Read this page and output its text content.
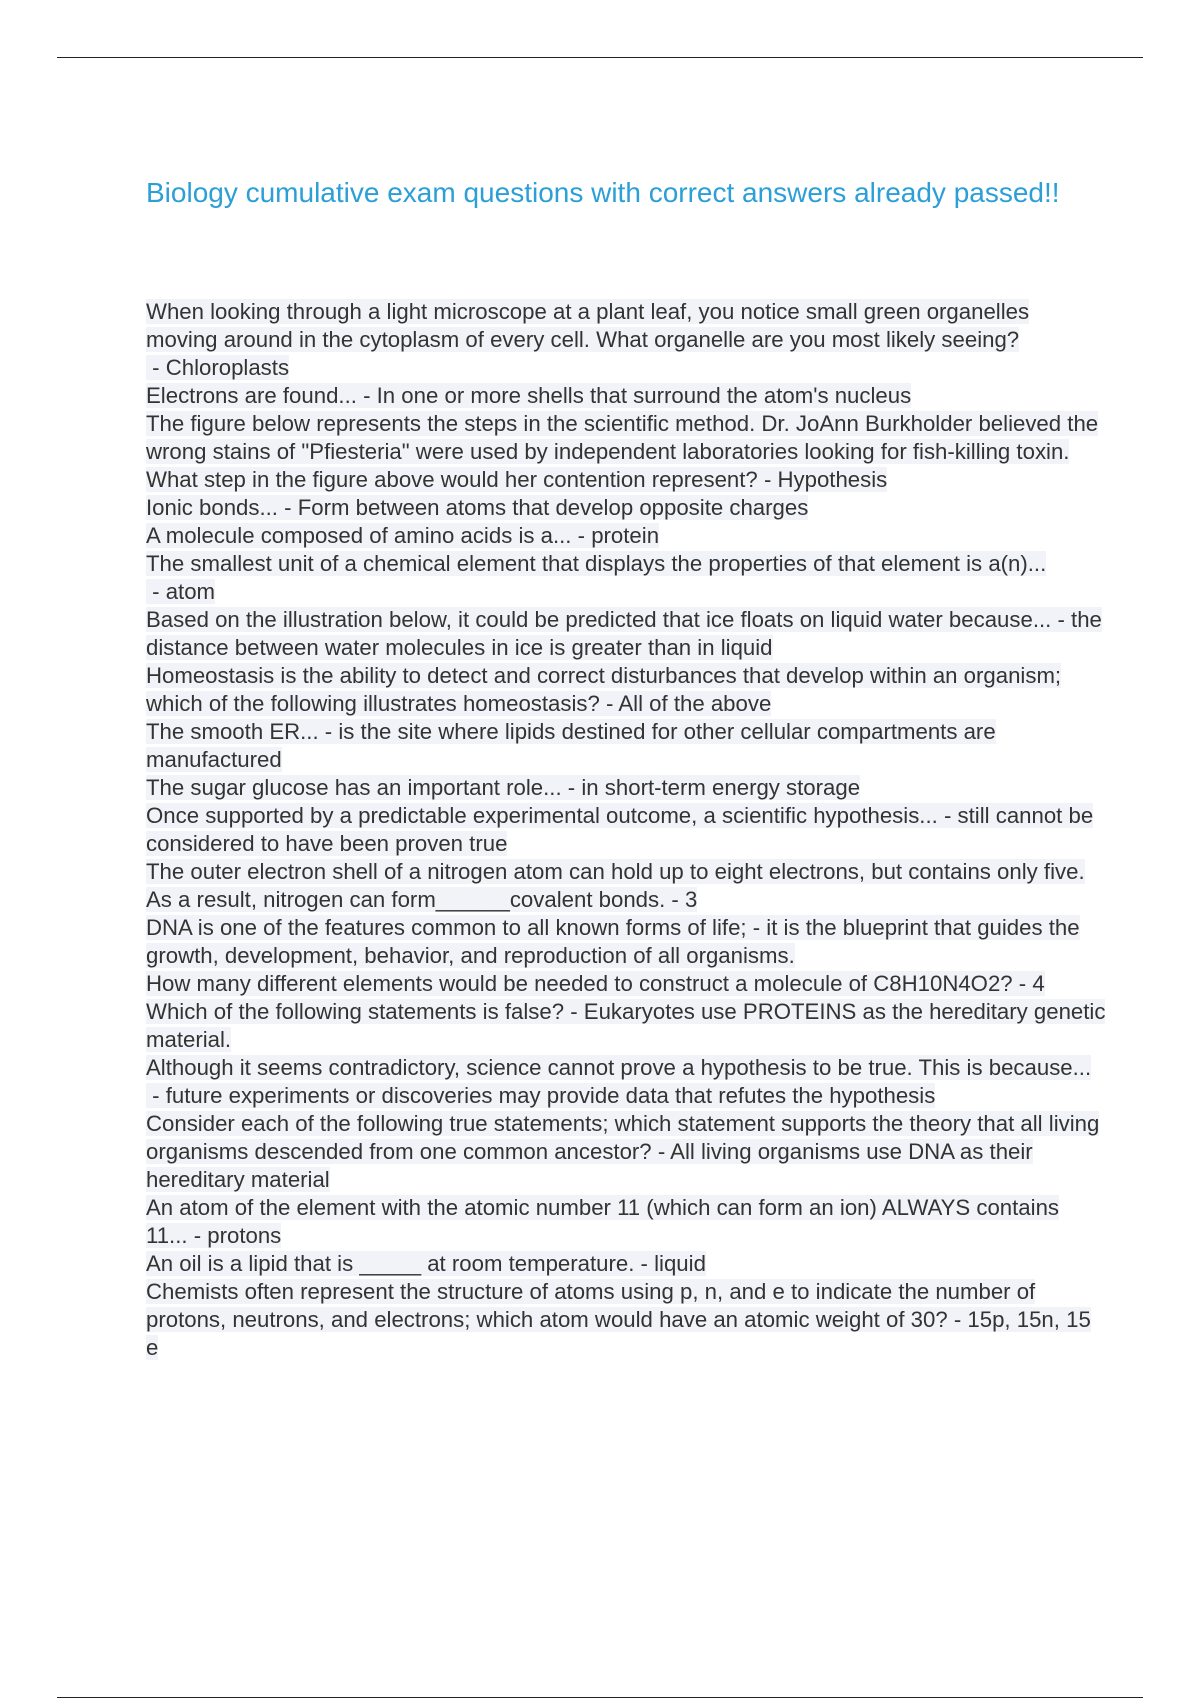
Biology cumulative exam questions with correct answers already passed!!
When looking through a light microscope at a plant leaf, you notice small green organelles moving around in the cytoplasm of every cell. What organelle are you most likely seeing? - Chloroplasts
Electrons are found... - In one or more shells that surround the atom's nucleus
The figure below represents the steps in the scientific method. Dr. JoAnn Burkholder believed the wrong stains of "Pfiesteria" were used by independent laboratories looking for fish-killing toxin. What step in the figure above would her contention represent? - Hypothesis
Ionic bonds... - Form between atoms that develop opposite charges
A molecule composed of amino acids is a... - protein
The smallest unit of a chemical element that displays the properties of that element is a(n)... - atom
Based on the illustration below, it could be predicted that ice floats on liquid water because... - the distance between water molecules in ice is greater than in liquid
Homeostasis is the ability to detect and correct disturbances that develop within an organism; which of the following illustrates homeostasis? - All of the above
The smooth ER... - is the site where lipids destined for other cellular compartments are manufactured
The sugar glucose has an important role... - in short-term energy storage
Once supported by a predictable experimental outcome, a scientific hypothesis... - still cannot be considered to have been proven true
The outer electron shell of a nitrogen atom can hold up to eight electrons, but contains only five. As a result, nitrogen can form______covalent bonds. - 3
DNA is one of the features common to all known forms of life; - it is the blueprint that guides the growth, development, behavior, and reproduction of all organisms.
How many different elements would be needed to construct a molecule of C8H10N4O2? - 4
Which of the following statements is false? - Eukaryotes use PROTEINS as the hereditary genetic material.
Although it seems contradictory, science cannot prove a hypothesis to be true. This is because... - future experiments or discoveries may provide data that refutes the hypothesis
Consider each of the following true statements; which statement supports the theory that all living organisms descended from one common ancestor? - All living organisms use DNA as their hereditary material
An atom of the element with the atomic number 11 (which can form an ion) ALWAYS contains 11... - protons
An oil is a lipid that is _____ at room temperature. - liquid
Chemists often represent the structure of atoms using p, n, and e to indicate the number of protons, neutrons, and electrons; which atom would have an atomic weight of 30? - 15p, 15n, 15 e
